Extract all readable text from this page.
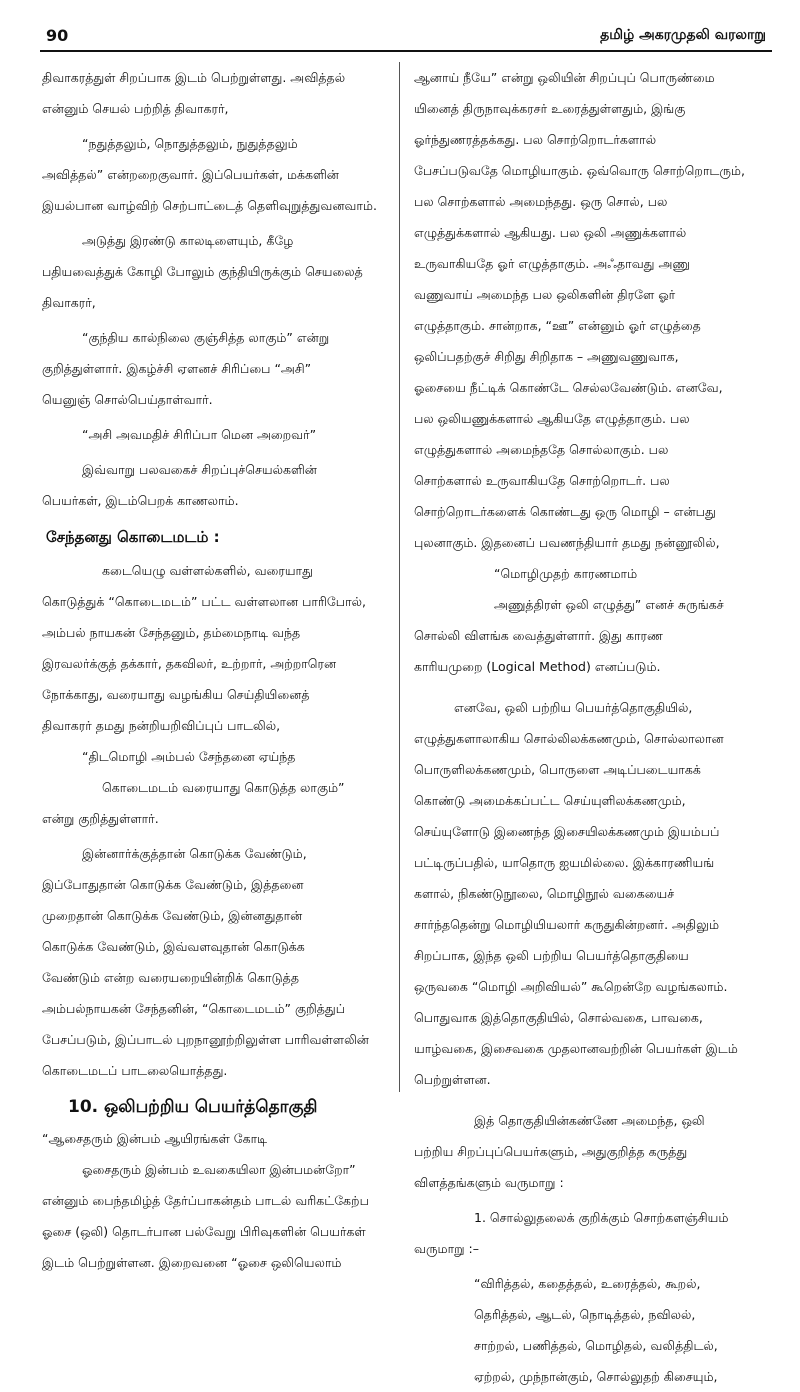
90	தமிழ் அகரமுதலி வரலாறு
திவாகரத்துள் சிறப்பாக இடம் பெற்றுள்ளது. அவித்தல்
என்னும் செயல் பற்றித் திவாகரர்,
“நதுத்தலும், நொதுத்தலும், நுதுத்தலும்
அவித்தல்” என்றறைகுவார். இப்பெயர்கள், மக்களின்
இயல்பான வாழ்விற் செற்பாட்டைத் தெளிவுறுத்துவனவாம்.
அடுத்து இரண்டு காலடிளையும், கீழே
பதியவைத்துக் கோழி போலும் குந்தியிருக்கும் செயலைத்
திவாகரர்,
“குந்திய கால்நிலை குஞ்சித்த லாகும்” என்று
குறித்துள்ளார். இகழ்ச்சி ஏளனச் சிரிப்பை “அசி”
யெனுஞ் சொல்பெய்தாள்வார்.
“அசி அவமதிச் சிரிப்பா மென அறைவர்”
இவ்வாறு பலவகைச் சிறப்புச்செயல்களின்
பெயர்கள், இடம்பெறக் காணலாம்.
சேந்தனது கொடைமடம் :
கடையெழு வள்ளல்களில், வரையாது
கொடுத்துக் “கொடைமடம்” பட்ட வள்ளலான பாரிபோல்,
அம்பல் நாயகன் சேந்தனும், தம்மைநாடி வந்த
இரவலர்க்குத் தக்கார், தகவிலர், உற்றார், அற்றாரென
நோக்காது, வரையாது வழங்கிய செய்தியினைத்
திவாகரர் தமது நன்றியறிவிப்புப் பாடலில்,
“திடமொழி அம்பல் சேந்தனை ஏய்ந்த
கொடைமடம் வரையாது கொடுத்த லாகும்”
என்று குறித்துள்ளார்.
இன்னார்க்குத்தான் கொடுக்க வேண்டும்,
இப்போதுதான் கொடுக்க வேண்டும், இத்தனை
முறைதான் கொடுக்க வேண்டும், இன்னதுதான்
கொடுக்க வேண்டும், இவ்வளவுதான் கொடுக்க
வேண்டும் என்ற வரையறையின்றிக் கொடுத்த
அம்பல்நாயகன் சேந்தனின், “கொடைமடம்” குறித்துப்
பேசப்படும், இப்பாடல் புறநானூற்றிலுள்ள பாரிவள்ளலின்
கொடைமடப் பாடலையொத்தது.
10. ஒலிபற்றிய பெயர்த்தொகுதி
“ஆசைதரும் இன்பம் ஆயிரங்கள் கோடி
ஓசைதரும் இன்பம் உவகையிலா இன்பமன்றோ”
என்னும் பைந்தமிழ்த் தேர்ப்பாகன்தம் பாடல் வரிகட்கேற்ப
ஓசை (ஒலி) தொடர்பான பல்வேறு பிரிவுகளின் பெயர்கள்
இடம் பெற்றுள்ளன. இறைவனை “ஓசை ஒலியெலாம்
ஆனாய் நீயே” என்று ஒலியின் சிறப்புப் பொருண்மை
யினைத் திருநாவுக்கரசர் உரைத்துள்ளதும், இங்கு
ஓர்ந்துணரத்தக்கது. பல சொற்றொடர்களால்
பேசப்படுவதே மொழியாகும். ஒவ்வொரு சொற்றொடரும்,
பல சொற்களால் அமைந்தது. ஒரு சொல், பல
எழுத்துக்களால் ஆகியது. பல ஒலி அணுக்களால்
உருவாகியதே ஓர் எழுத்தாகும். அஃதாவது அணு
வணுவாய் அமைந்த பல ஒலிகளின் திரளே ஓர்
எழுத்தாகும். சான்றாக, “ஊ” என்னும் ஓர் எழுத்தை
ஒலிப்பதற்குச் சிறிது சிறிதாக – அணுவணுவாக,
ஓசையை நீட்டிக் கொண்டே செல்லவேண்டும். எனவே,
பல ஒலியணுக்களால் ஆகியதே எழுத்தாகும். பல
எழுத்துகளால் அமைந்ததே சொல்லாகும். பல
சொற்களால் உருவாகியதே சொற்றொடர். பல
சொற்றொடர்களைக் கொண்டது ஒரு மொழி – என்பது
புலனாகும். இதனைப் பவணந்தியார் தமது நன்னூலில்,
“மொழிமுதற் காரணமாம்
அணுத்திரள் ஒலி எழுத்து” எனச் சுருங்கச்
சொல்லி விளங்க வைத்துள்ளார். இது காரண
காரியமுறை (Logical Method) எனப்படும்.
எனவே, ஒலி பற்றிய பெயர்த்தொகுதியில்,
எழுத்துகளாலாகிய சொல்லிலக்கணமும், சொல்லாலான
பொருளிலக்கணமும், பொருளை அடிப்படையாகக்
கொண்டு அமைக்கப்பட்ட செய்யுளிலக்கணமும்,
செய்யுளோடு இணைந்த இசையிலக்கணமும் இயம்பப்
பட்டிருப்பதில், யாதொரு ஐயமில்லை. இக்காரணியங்
களால், நிகண்டுநூலை, மொழிநூல் வகையைச்
சார்ந்ததென்று மொழியியலார் கருதுகின்றனர். அதிலும்
சிறப்பாக, இந்த ஒலி பற்றிய பெயர்த்தொகுதியை
ஒருவகை “மொழி அறிவியல்” கூறென்றே வழங்கலாம்.
பொதுவாக இத்தொகுதியில், சொல்வகை, பாவகை,
யாழ்வகை, இசைவகை முதலானவற்றின் பெயர்கள் இடம்
பெற்றுள்ளன.
இத் தொகுதியின்கண்ணே அமைந்த, ஒலி
பற்றிய சிறப்புப்பெயர்களும், அதுகுறித்த கருத்து
விளத்தங்களும் வருமாறு :
1. சொல்லுதலைக் குறிக்கும் சொற்களஞ்சியம்
வருமாறு :–
“விரித்தல், கதைத்தல், உரைத்தல், கூறல்,
தெரித்தல், ஆடல், நொடித்தல், நவிலல்,
சாற்றல், பணித்தல், மொழிதல், வலித்திடல்,
ஏற்றல், முந்நான்கும், சொல்லுதற் கிசையும்,
